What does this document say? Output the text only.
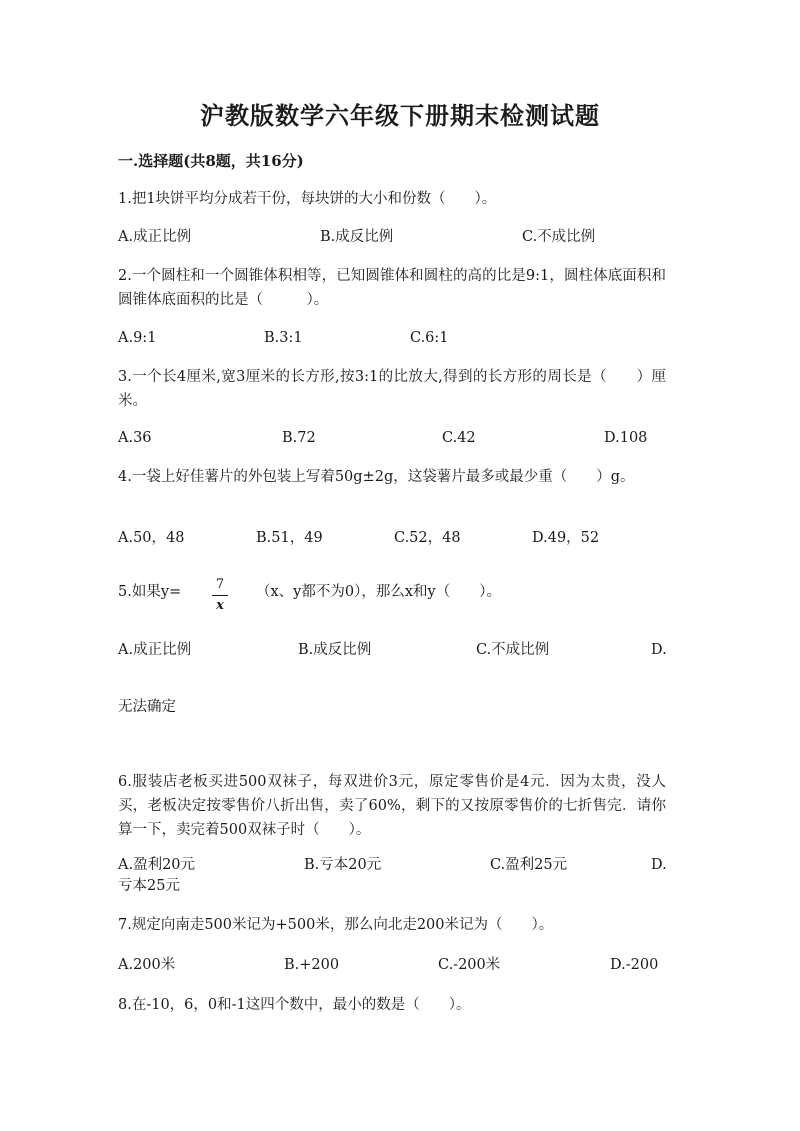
沪教版数学六年级下册期末检测试题
一.选择题(共8题，共16分)
1.把1块饼平均分成若干份，每块饼的大小和份数（　　）。
A.成正比例	B.成反比例	C.不成比例
2.一个圆柱和一个圆锥体积相等，已知圆锥体和圆柱的高的比是9:1，圆柱体底面积和圆锥体底面积的比是（　　　）。
A.9:1	B.3:1	C.6:1
3.一个长4厘米,宽3厘米的长方形,按3:1的比放大,得到的长方形的周长是（　　）厘米。
A.36	B.72	C.42	D.108
4.一袋上好佳薯片的外包装上写着50g±2g，这袋薯片最多或最少重（　　）g。
A.50，48	B.51，49	C.52，48	D.49，52
5.如果y=	7
x
（x、y都不为0），那么x和y（　　）。
A.成正比例	B.成反比例	C.不成比例	D.
无法确定
6.服装店老板买进500双袜子，每双进价3元，原定零售价是4元．因为太贵，没人买，老板决定按零售价八折出售，卖了60%，剩下的又按原零售价的七折售完．请你算一下，卖完着500双袜子时（　　）。
A.盈利20元	B.亏本20元	C.盈利25元	D.
亏本25元
7.规定向南走500米记为+500米，那么向北走200米记为（　　）。
A.200米	B.+200	C.-200米	D.-200
8.在-10，6，0和-1这四个数中，最小的数是（　　）。
